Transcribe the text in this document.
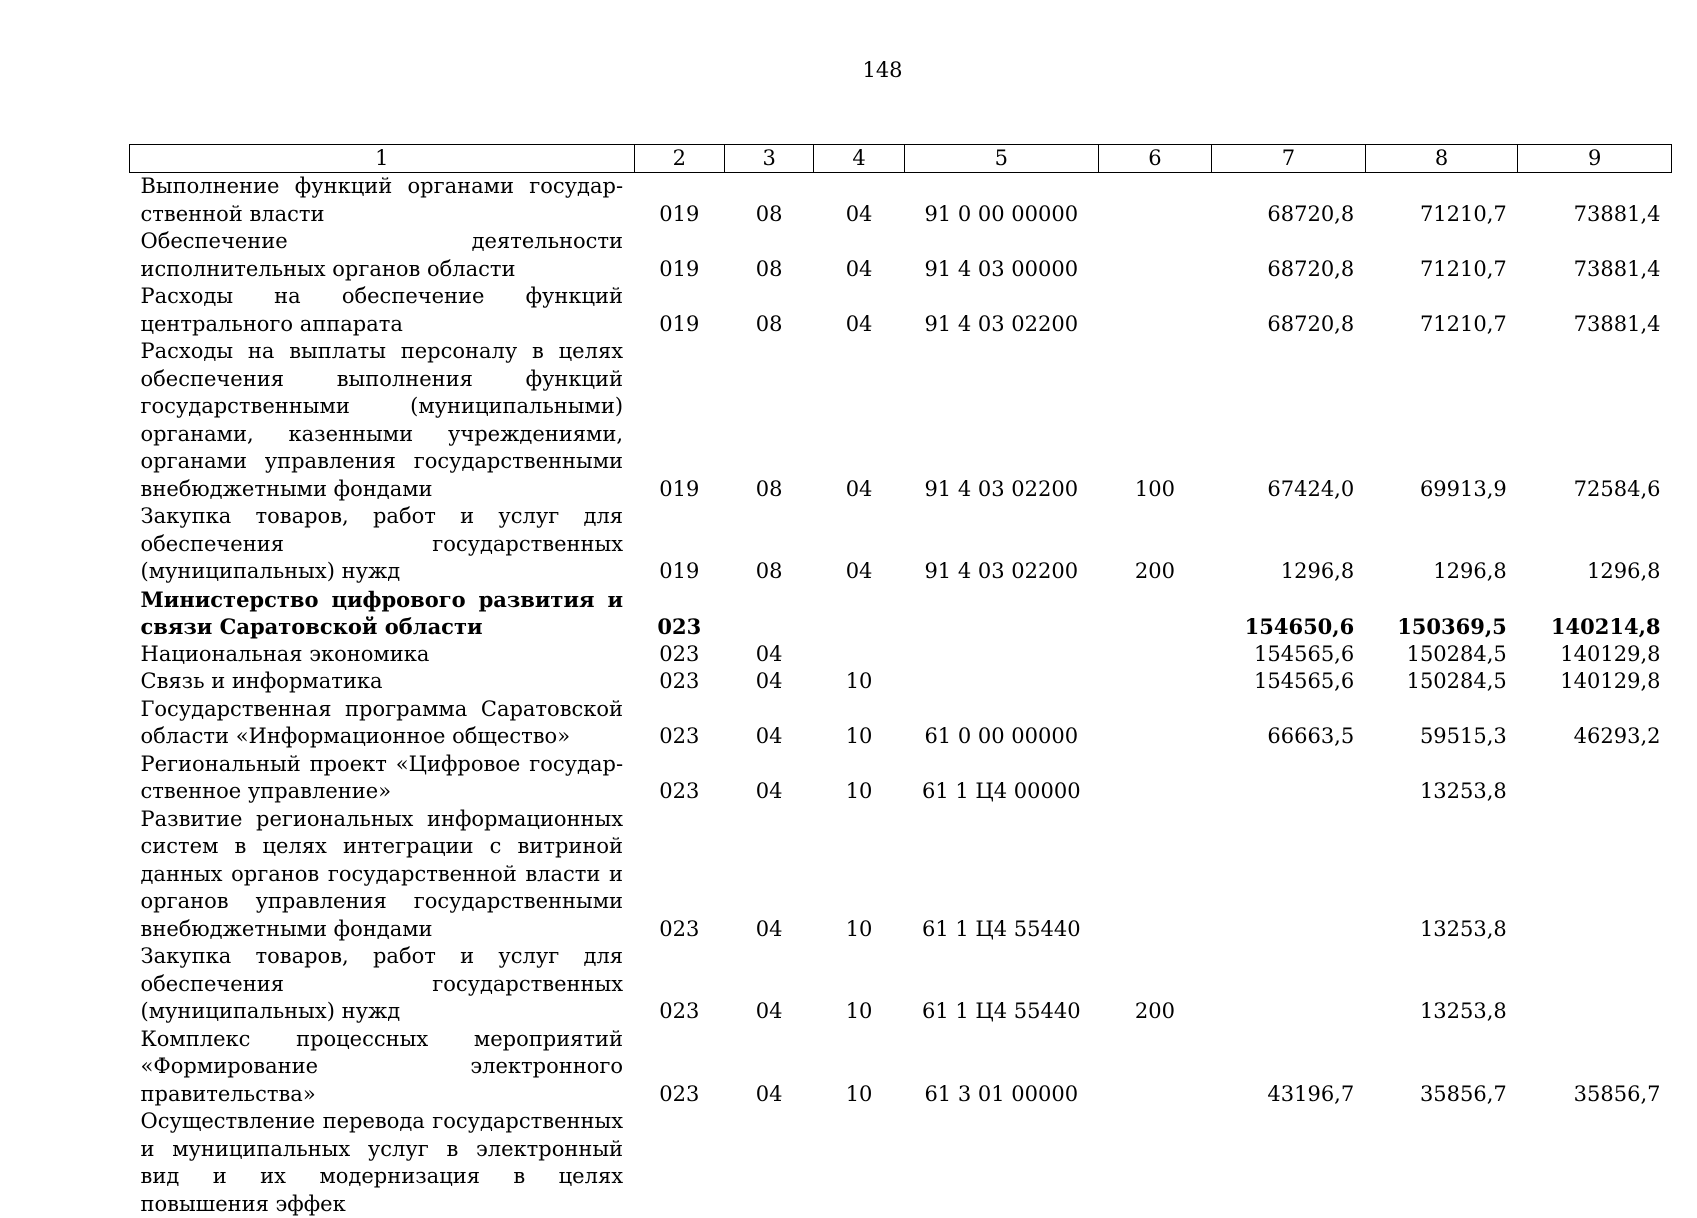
148
1	2	3	4	5	6	7	8	9
Выполнение функций органами государственной власти	019	08	04	91 0 00 00000		68720,8	71210,7	73881,4
Обеспечение деятельности исполнительных органов области	019	08	04	91 4 03 00000		68720,8	71210,7	73881,4
Расходы на обеспечение функций центрального аппарата	019	08	04	91 4 03 02200		68720,8	71210,7	73881,4
Расходы на выплаты персоналу в целях обеспечения выполнения функций государственными (муниципальными) органами, казенными учреждениями, органами управления государственными внебюджетными фондами	019	08	04	91 4 03 02200	100	67424,0	69913,9	72584,6
Закупка товаров, работ и услуг для обеспечения государственных (муниципальных) нужд	019	08	04	91 4 03 02200	200	1296,8	1296,8	1296,8
Министерство цифрового развития и связи Саратовской области	023					154650,6	150369,5	140214,8
Национальная экономика	023	04				154565,6	150284,5	140129,8
Связь и информатика	023	04	10			154565,6	150284,5	140129,8
Государственная программа Саратовской области «Информационное общество»	023	04	10	61 0 00 00000		66663,5	59515,3	46293,2
Региональный проект «Цифровое государственное управление»	023	04	10	61 1 Ц4 00000			13253,8	
Развитие региональных информационных систем в целях интеграции с витриной данных органов государственной власти и органов управления государственными внебюджетными фондами	023	04	10	61 1 Ц4 55440			13253,8	
Закупка товаров, работ и услуг для обеспечения государственных (муниципальных) нужд	023	04	10	61 1 Ц4 55440	200		13253,8	
Комплекс процессных мероприятий «Формирование электронного правительства»	023	04	10	61 3 01 00000		43196,7	35856,7	35856,7
Осуществление перевода государственных и муниципальных услуг в электронный вид и их модернизация в целях повышения эффек								
